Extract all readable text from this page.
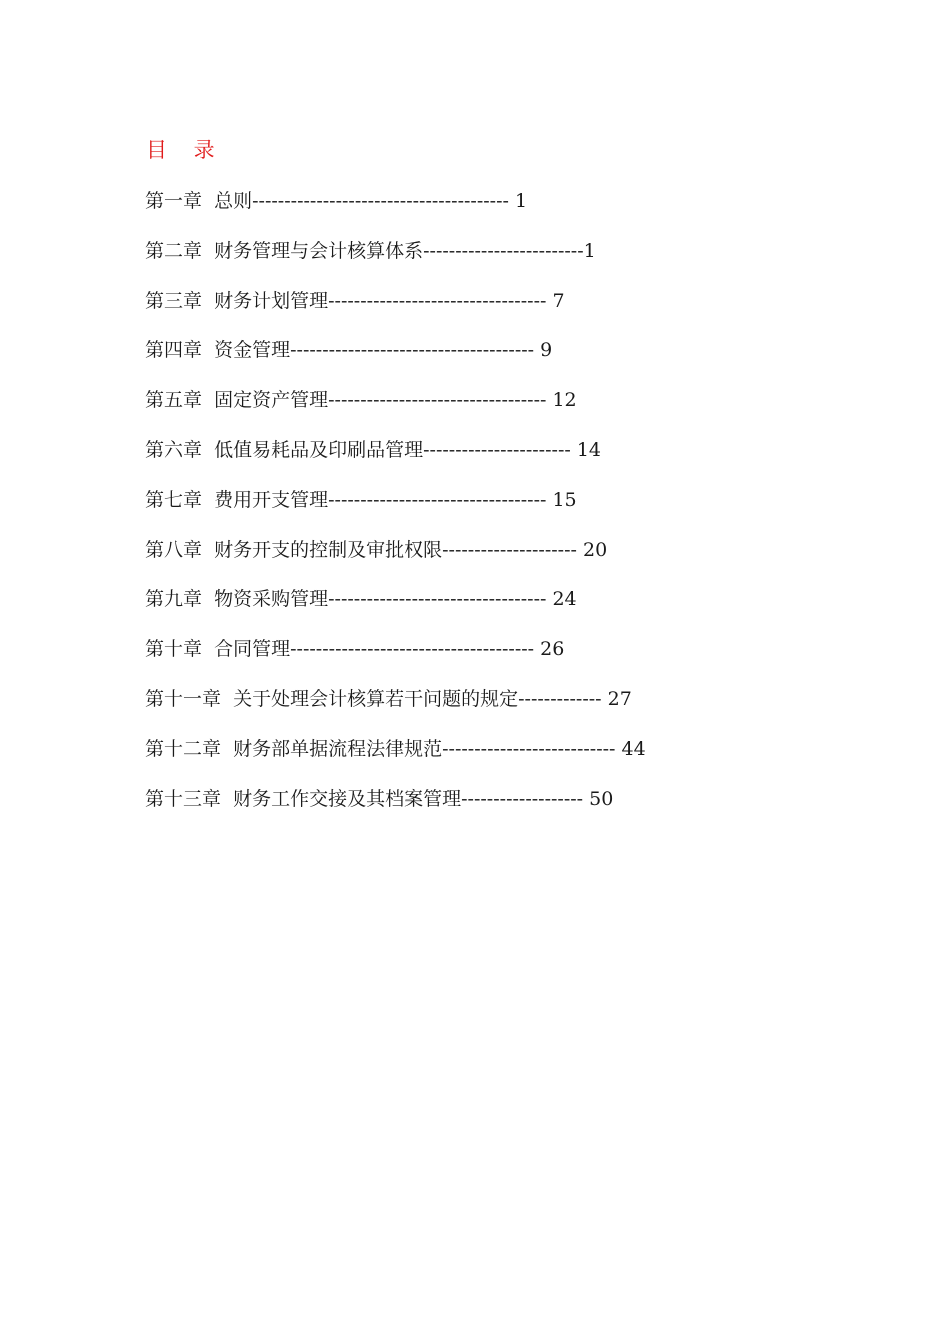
目 录
第一章 总则---------------------------------------- 1
第二章 财务管理与会计核算体系-------------------------1
第三章 财务计划管理---------------------------------- 7
第四章 资金管理-------------------------------------- 9
第五章 固定资产管理---------------------------------- 12
第六章 低值易耗品及印刷品管理----------------------- 14
第七章 费用开支管理---------------------------------- 15
第八章 财务开支的控制及审批权限--------------------- 20
第九章 物资采购管理---------------------------------- 24
第十章 合同管理-------------------------------------- 26
第十一章 关于处理会计核算若干问题的规定------------- 27
第十二章 财务部单据流程法律规范--------------------------- 44
第十三章 财务工作交接及其档案管理------------------- 50
